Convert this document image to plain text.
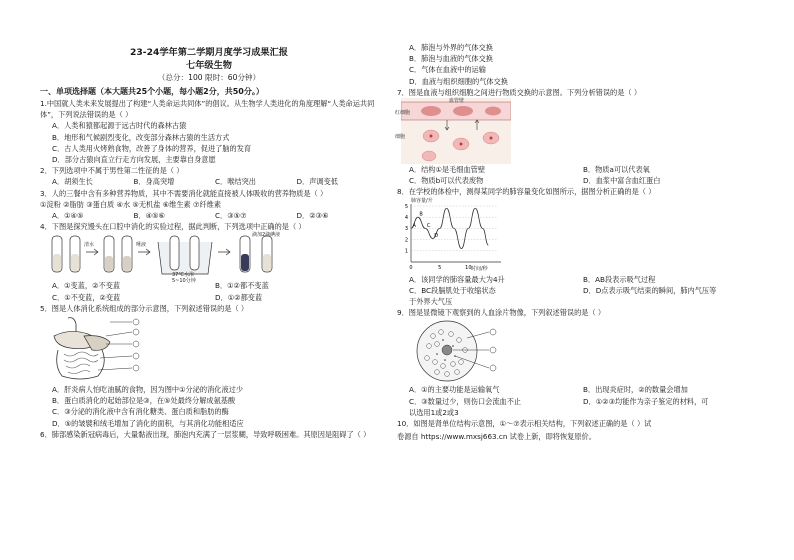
23-24学年第二学期月度学习成果汇报
七年级生物
（总分：100 限时：60分钟）
一、单项选择题（本大题共25个小题，每小题2分，共50分。）
1.中国就人类未来发展提出了构建“人类命运共同体”的倡议。从生物学人类进化的角度理解“人类命运共同体”，下列说法错误的是（ ）
A．人类和猿都起源于远古时代的森林古猿
B．地形和气候剧烈变化，改变部分森林古猿的生活方式
C．古人类用火烤熟食物，改善了身体的营养，促进了脑的发育
D．部分古猿向直立行走方向发展，主要靠自身意愿
2．下列选项中不属于男性第二性征的是（ ）
A．胡须生长	B．身高突增	C．喉结突出	D．声调变低
3．人的三餐中含有多种营养物质，其中不需要消化就能直接被人体吸收的营养物质是（ ）
①淀粉 ②脂肪 ③蛋白质 ④水 ⑤无机盐 ⑥维生素 ⑦纤维素
A．①④⑤	B．④⑤⑥	C．③⑤⑦	D．②③⑥
4．下图是探究馒头在口腔中消化的实验过程，据此判断，下列选项中正确的是（ ）
滴加2滴碘液
37℃水浴
5~10分钟
清水	唾液
A．①变蓝，②不变蓝	B．①②都不变蓝
C．①不变蓝，②变蓝	D．①②都变蓝
5．图是人体消化系统组成的部分示意图，下列叙述错误的是（ ）
A．肝炎病人怕吃油腻的食物，因为图中①分泌的消化液过少
B．蛋白质消化的起始部位是③，在⑤处最终分解成氨基酸
C．③分泌的消化液中含有消化糖类、蛋白质和脂肪的酶
D．⑤的皱襞和绒毛增加了消化的面积，与其消化功能相适应
6．肺部感染新冠病毒后，大量黏液出现，肺泡内充满了一层浆糊，导致呼吸困难。其原因是阻碍了（ ）
A．肺泡与外界的气体交换
B．肺泡与血液的气体交换
C．气体在血液中的运输
D．血液与组织细胞的气体交换
7．图是血液与组织细胞之间进行物质交换的示意图。下列分析错误的是（ ）
红细胞
血管壁
细胞
A．结构①是毛细血管壁	B．物质a可以代表氧
C．物质b可以代表废物	D．血浆中富含血红蛋白
8．在学校的体检中，测得某同学的肺容量变化如图所示，据图分析正确的是（ ）
1
2
3
4
5
0	5	10
A
B
C
D
肺容量/升
时间/秒
A．该同学的肺容量最大为4升	B．AB段表示吸气过程
C．BC段膈肌处于收缩状态	D．D点表示吸气结束的瞬间，肺内气压等
于外界大气压
9．图是显微镜下观察到的人血涂片物像，下列叙述错误的是（ ）
A．①的主要功能是运输氧气	B．出现炎症时，②的数量会增加
C．③数量过少，则伤口会流血不止	D．①②③均能作为亲子鉴定的材料，可
以选用1或2或3
10．如图是肾单位结构示意图，①～⑦表示相关结构，下列叙述正确的是（ ）试
卷源自 https://www.mxsj663.cn 试卷上新，即将恢复原价。
